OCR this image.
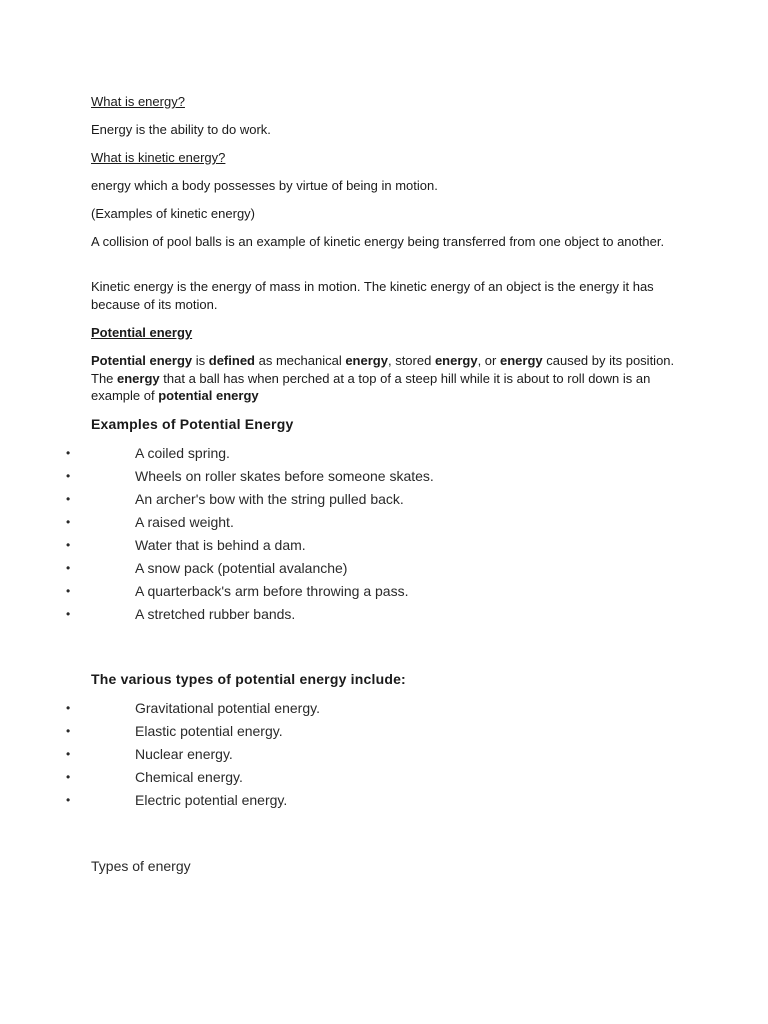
What is energy?

Energy is the ability to do work.

What is kinetic energy?

energy which a body possesses by virtue of being in motion.

(Examples of kinetic energy)

A collision of pool balls is an example of kinetic energy being transferred from one object to another.

Kinetic energy is the energy of mass in motion. The kinetic energy of an object is the energy it has because of its motion.

Potential energy

Potential energy is defined as mechanical energy, stored energy, or energy caused by its position. The energy that a ball has when perched at a top of a steep hill while it is about to roll down is an example of potential energy

Examples of Potential Energy

•	A coiled spring.
•	Wheels on roller skates before someone skates.
•	An archer's bow with the string pulled back.
•	A raised weight.
•	Water that is behind a dam.
•	A snow pack (potential avalanche)
•	A quarterback's arm before throwing a pass.
•	A stretched rubber bands.

The various types of potential energy include:

•	Gravitational potential energy.
•	Elastic potential energy.
•	Nuclear energy.
•	Chemical energy.
•	Electric potential energy.

Types of energy
